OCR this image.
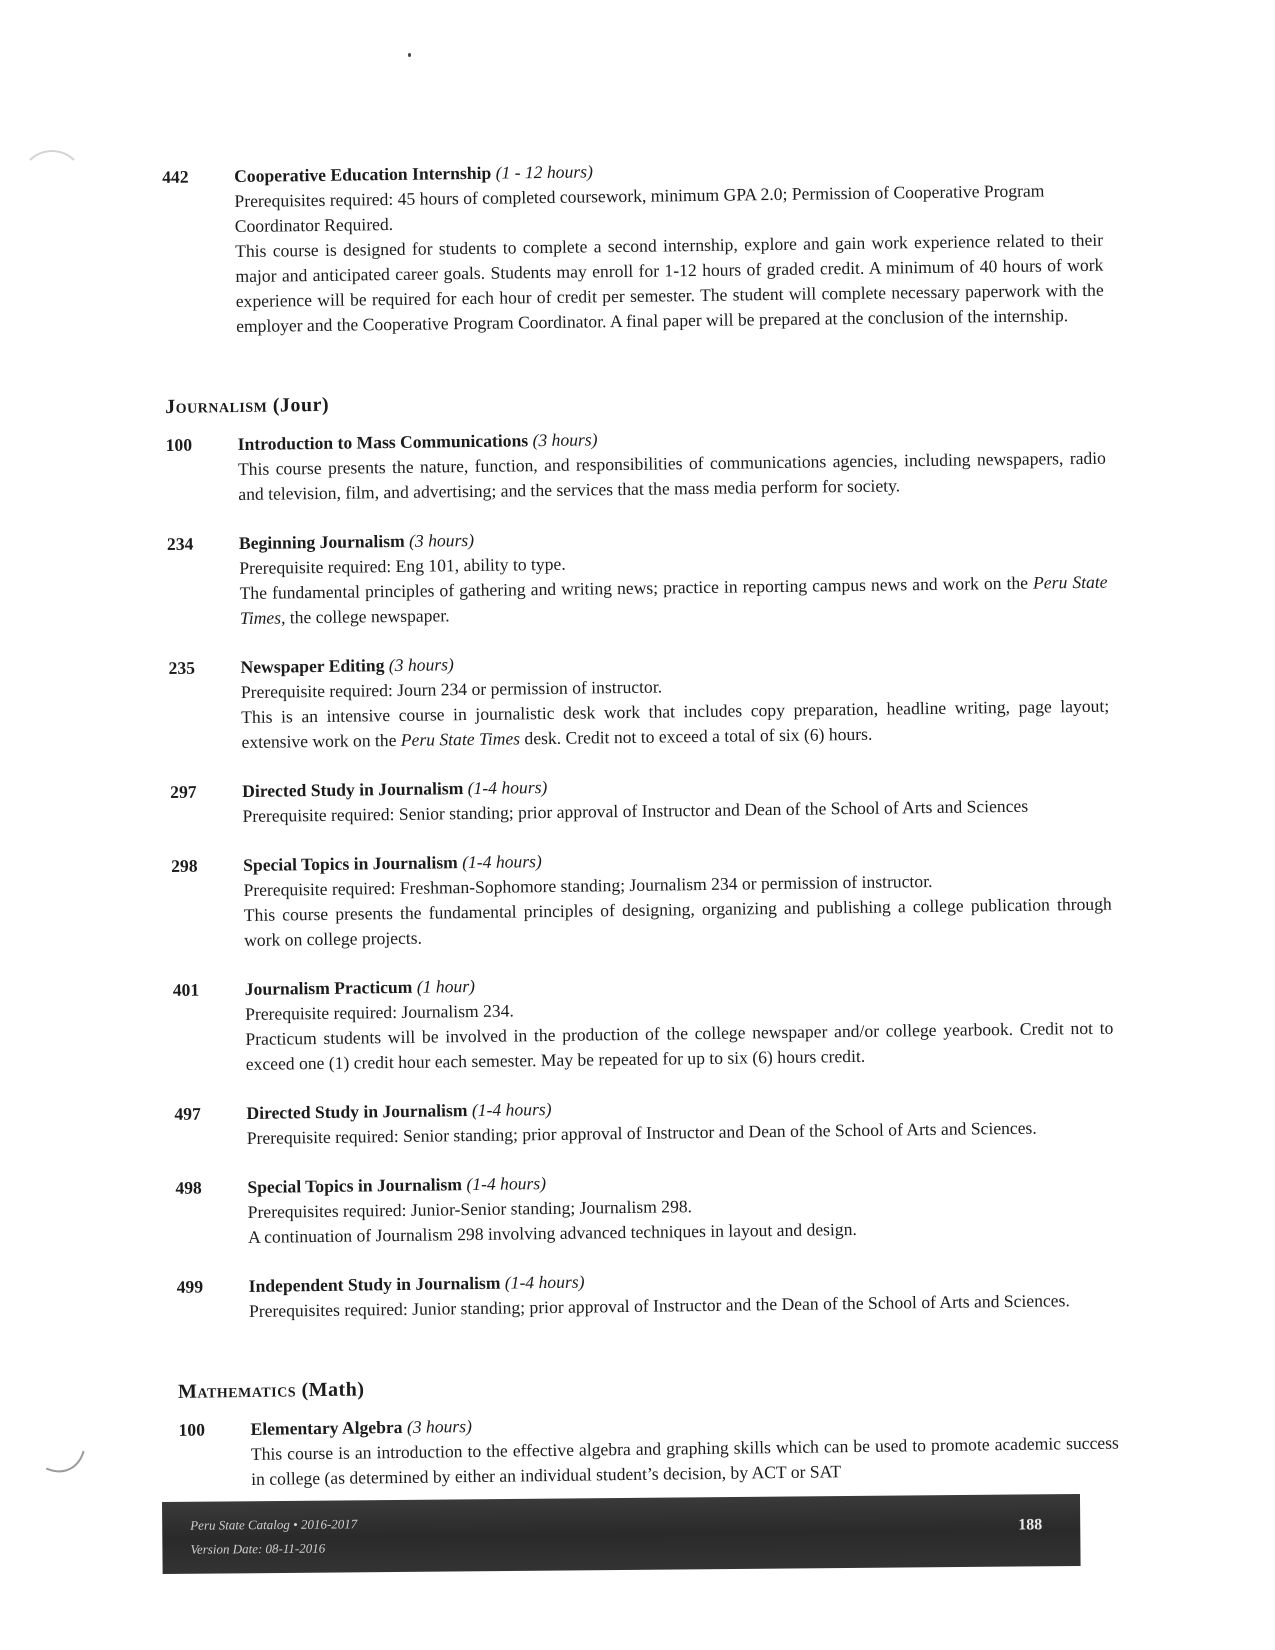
442	Cooperative Education Internship (1 - 12 hours)

Prerequisites required: 45 hours of completed coursework, minimum GPA 2.0; Permission of Cooperative Program Coordinator Required.

This course is designed for students to complete a second internship, explore and gain work experience related to their major and anticipated career goals. Students may enroll for 1-12 hours of graded credit. A minimum of 40 hours of work experience will be required for each hour of credit per semester. The student will complete necessary paperwork with the employer and the Cooperative Program Coordinator. A final paper will be prepared at the conclusion of the internship.

Journalism (Jour)
100	Introduction to Mass Communications (3 hours)

This course presents the nature, function, and responsibilities of communications agencies, including newspapers, radio and television, film, and advertising; and the services that the mass media perform for society.

234	Beginning Journalism (3 hours)

Prerequisite required: Eng 101, ability to type.

The fundamental principles of gathering and writing news; practice in reporting campus news and work on the Peru State Times, the college newspaper.

235	Newspaper Editing (3 hours)

Prerequisite required: Journ 234 or permission of instructor.

This is an intensive course in journalistic desk work that includes copy preparation, headline writing, page layout; extensive work on the Peru State Times desk. Credit not to exceed a total of six (6) hours.

297	Directed Study in Journalism (1-4 hours)

Prerequisite required: Senior standing; prior approval of Instructor and Dean of the School of Arts and Sciences

298	Special Topics in Journalism (1-4 hours)

Prerequisite required: Freshman-Sophomore standing; Journalism 234 or permission of instructor.

This course presents the fundamental principles of designing, organizing and publishing a college publication through work on college projects.

401	Journalism Practicum (1 hour)

Prerequisite required: Journalism 234.

Practicum students will be involved in the production of the college newspaper and/or college yearbook. Credit not to exceed one (1) credit hour each semester. May be repeated for up to six (6) hours credit.

497	Directed Study in Journalism (1-4 hours)

Prerequisite required: Senior standing; prior approval of Instructor and Dean of the School of Arts and Sciences.

498	Special Topics in Journalism (1-4 hours)

Prerequisites required: Junior-Senior standing; Journalism 298.

A continuation of Journalism 298 involving advanced techniques in layout and design.

499	Independent Study in Journalism (1-4 hours)

Prerequisites required: Junior standing; prior approval of Instructor and the Dean of the School of Arts and Sciences.

Mathematics (Math)
100	Elementary Algebra (3 hours)

This course is an introduction to the effective algebra and graphing skills which can be used to promote academic success in college (as determined by either an individual student’s decision, by ACT or SAT

Peru State Catalog • 2016-2017
Version Date: 08-11-2016
188
